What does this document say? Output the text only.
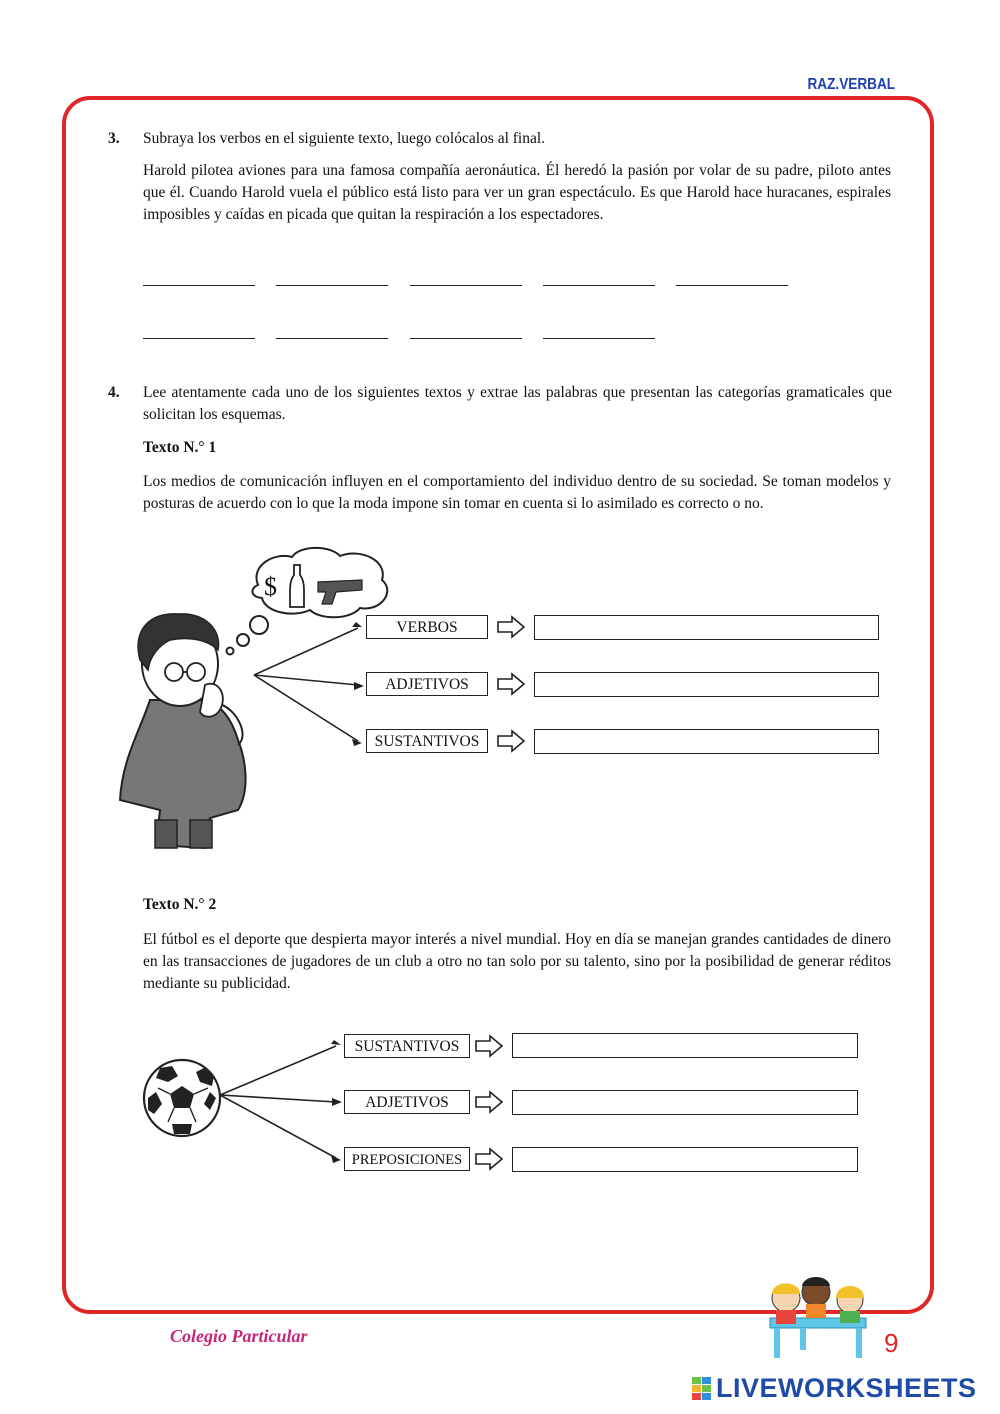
RAZ.VERBAL
3. Subraya los verbos en el siguiente texto, luego colócalos al final.

Harold pilotea aviones para una famosa compañía aeronáutica. Él heredó la pasión por volar de su padre, piloto antes que él. Cuando Harold vuela el público está listo para ver un gran espectáculo. Es que Harold hace huracanes, espirales imposibles y caídas en picada que quitan la respiración a los espectadores.
4. Lee atentamente cada uno de los siguientes textos y extrae las palabras que presentan las categorías gramaticales que solicitan los esquemas.

Texto N.° 1
Los medios de comunicación influyen en el comportamiento del individuo dentro de su sociedad. Se toman modelos y posturas de acuerdo con lo que la moda impone sin tomar en cuenta si lo asimilado es correcto o no.
$
VERBOS
ADJETIVOS
SUSTANTIVOS
Texto N.° 2
El fútbol es el deporte que despierta mayor interés a nivel mundial. Hoy en día se manejan grandes cantidades de dinero en las transacciones de jugadores de un club a otro no tan solo por su talento, sino por la posibilidad de generar réditos mediante su publicidad.
SUSTANTIVOS
ADJETIVOS
PREPOSICIONES
Colegio Particular	9
LIVEWORKSHEETS
